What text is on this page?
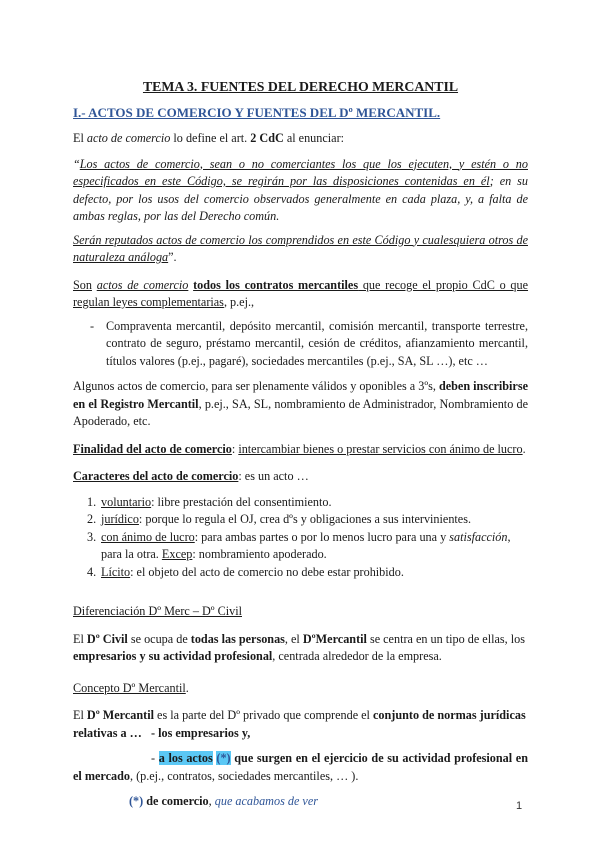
TEMA 3. FUENTES DEL DERECHO MERCANTIL

I.- ACTOS DE COMERCIO Y FUENTES DEL Dº MERCANTIL.

El acto de comercio lo define el art. 2 CdC al enunciar:

“Los actos de comercio, sean o no comerciantes los que los ejecuten, y estén o no especificados en este Código, se regirán por las disposiciones contenidas en él; en su defecto, por los usos del comercio observados generalmente en cada plaza, y, a falta de ambas reglas, por las del Derecho común.

Serán reputados actos de comercio los comprendidos en este Código y cualesquiera otros de naturaleza análoga”.

Son actos de comercio todos los contratos mercantiles que recoge el propio CdC o que regulan leyes complementarias, p.ej.,

- Compraventa mercantil, depósito mercantil, comisión mercantil, transporte terrestre, contrato de seguro, préstamo mercantil, cesión de créditos, afianzamiento mercantil, títulos valores (p.ej., pagaré), sociedades mercantiles (p.ej., SA, SL …), etc …

Algunos actos de comercio, para ser plenamente válidos y oponibles a 3ºs, deben inscribirse en el Registro Mercantil, p.ej., SA, SL, nombramiento de Administrador, Nombramiento de Apoderado, etc.

Finalidad del acto de comercio: intercambiar bienes o prestar servicios con ánimo de lucro.

Caracteres del acto de comercio: es un acto …

1. voluntario: libre prestación del consentimiento.
2. jurídico: porque lo regula el OJ, crea dºs y obligaciones a sus intervinientes.
3. con ánimo de lucro: para ambas partes o por lo menos lucro para una y satisfacción, para la otra. Excep: nombramiento apoderado.
4. Lícito: el objeto del acto de comercio no debe estar prohibido.

Diferenciación Dº Merc – Dº Civil

El Dº Civil se ocupa de todas las personas, el DºMercantil se centra en un tipo de ellas, los empresarios y su actividad profesional, centrada alrededor de la empresa.

Concepto Dº Mercantil.

El Dº Mercantil es la parte del Dº privado que comprende el conjunto de normas jurídicas relativas a … - los empresarios y,

- a los actos (*) que surgen en el ejercicio de su actividad profesional en el mercado, (p.ej., contratos, sociedades mercantiles, … ).

(*) de comercio, que acabamos de ver	1
